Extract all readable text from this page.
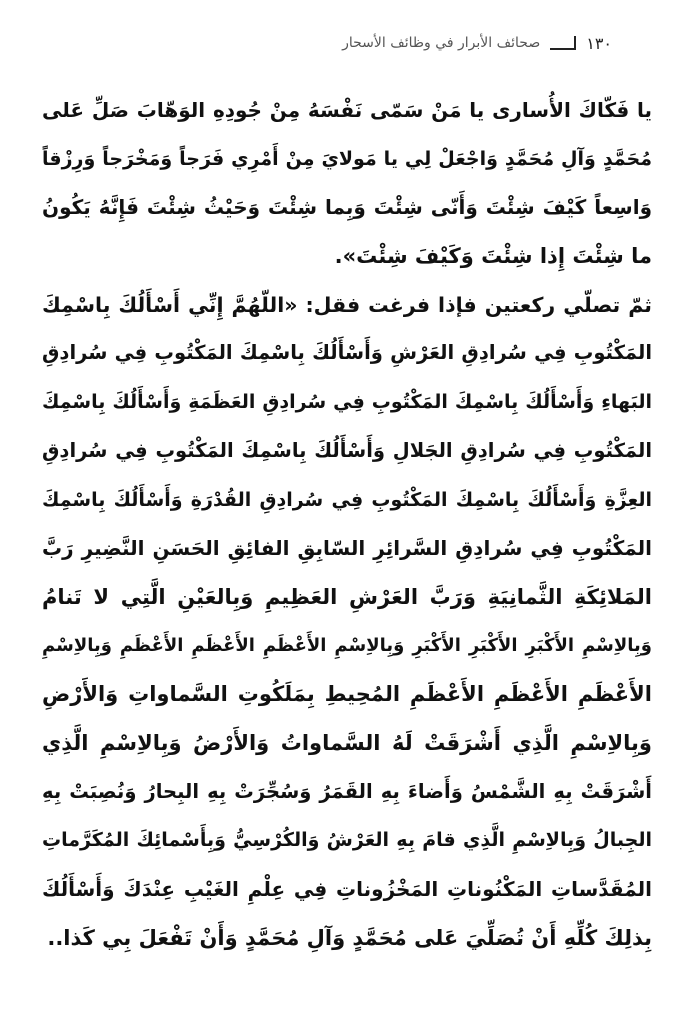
١٣٠
صحائف الأبرار في وظائف الأسحار
يا فَكّاكَ الأُسارى يا مَنْ سَمّى نَفْسَهُ مِنْ جُودِهِ الوَهّابَ صَلِّ عَلى
مُحَمَّدٍ وَآلِ مُحَمَّدٍ وَاجْعَلْ لِي يا مَولايَ مِنْ أَمْرِي فَرَجاً وَمَخْرَجاً وَرِزْقاً
وَاسِعاً كَيْفَ شِئْتَ وَأَنّى شِئْتَ وَبِما شِئْتَ وَحَيْثُ شِئْتَ فَإِنَّهُ يَكُونُ
ما شِئْتَ إِذا شِئْتَ وَكَيْفَ شِئْتَ».
ثمّ تصلّي ركعتين فإذا فرغت فقل: «اللّهُمَّ إِنِّي أَسْأَلُكَ بِاسْمِكَ
المَكْتُوبِ فِي سُرادِقِ العَرْشِ وَأَسْأَلُكَ بِاسْمِكَ المَكْتُوبِ فِي سُرادِقِ
البَهاءِ وَأَسْأَلُكَ بِاسْمِكَ المَكْتُوبِ فِي سُرادِقِ العَظَمَةِ وَأَسْأَلُكَ بِاسْمِكَ
المَكْتُوبِ فِي سُرادِقِ الجَلالِ وَأَسْأَلُكَ بِاسْمِكَ المَكْتُوبِ فِي سُرادِقِ
العِزَّةِ وَأَسْأَلُكَ بِاسْمِكَ المَكْتُوبِ فِي سُرادِقِ القُدْرَةِ وَأَسْأَلُكَ بِاسْمِكَ
المَكْتُوبِ فِي سُرادِقِ السَّرائِرِ السّابِقِ الفائِقِ الحَسَنِ النَّضِيرِ رَبَّ
المَلائِكَةِ الثَّمانِيَةِ وَرَبَّ العَرْشِ العَظِيمِ وَبِالعَيْنِ الَّتِي لا تَنامُ
وَبِالاِسْمِ الأَكْبَرِ الأَكْبَرِ الأَكْبَرِ وَبِالاِسْمِ الأَعْظَمِ الأَعْظَمِ الأَعْظَمِ وَبِالاِسْمِ
الأَعْظَمِ الأَعْظَمِ الأَعْظَمِ المُحِيطِ بِمَلَكُوتِ السَّماواتِ وَالأَرْضِ
وَبِالاِسْمِ الَّذِي أَشْرَقَتْ لَهُ السَّماواتُ وَالأَرْضُ وَبِالاِسْمِ الَّذِي
أَشْرَقَتْ بِهِ الشَّمْسُ وَأَضاءَ بِهِ القَمَرُ وَسُجِّرَتْ بِهِ البِحارُ وَنُصِبَتْ بِهِ
الجِبالُ وَبِالاِسْمِ الَّذِي قامَ بِهِ العَرْشُ وَالكُرْسِيُّ وَبِأَسْمائِكَ المُكَرَّماتِ
المُقَدَّساتِ المَكْنُوناتِ المَخْزُوناتِ فِي عِلْمِ الغَيْبِ عِنْدَكَ وَأَسْأَلُكَ
بِذلِكَ كُلِّهِ أَنْ تُصَلِّيَ عَلى مُحَمَّدٍ وَآلِ مُحَمَّدٍ وَأَنْ تَفْعَلَ بِي كَذا..
